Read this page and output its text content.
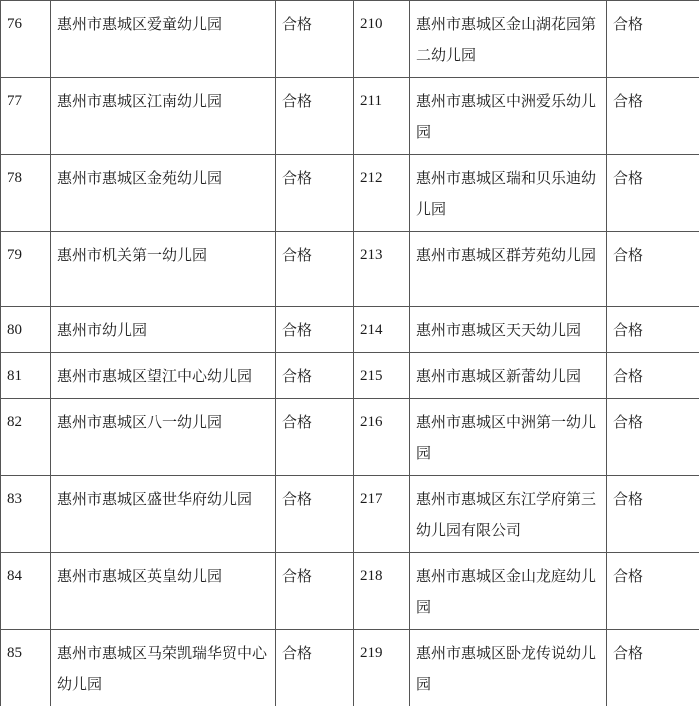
76	惠州市惠城区爱童幼儿园	合格	210	惠州市惠城区金山湖花园第二幼儿园	合格
77	惠州市惠城区江南幼儿园	合格	211	惠州市惠城区中洲爱乐幼儿园	合格
78	惠州市惠城区金苑幼儿园	合格	212	惠州市惠城区瑞和贝乐迪幼儿园	合格
79	惠州市机关第一幼儿园	合格	213	惠州市惠城区群芳苑幼儿园	合格
80	惠州市幼儿园	合格	214	惠州市惠城区天天幼儿园	合格
81	惠州市惠城区望江中心幼儿园	合格	215	惠州市惠城区新蕾幼儿园	合格
82	惠州市惠城区八一幼儿园	合格	216	惠州市惠城区中洲第一幼儿园	合格
83	惠州市惠城区盛世华府幼儿园	合格	217	惠州市惠城区东江学府第三幼儿园有限公司	合格
84	惠州市惠城区英皇幼儿园	合格	218	惠州市惠城区金山龙庭幼儿园	合格
85	惠州市惠城区马荣凯瑞华贸中心幼儿园	合格	219	惠州市惠城区卧龙传说幼儿园	合格
